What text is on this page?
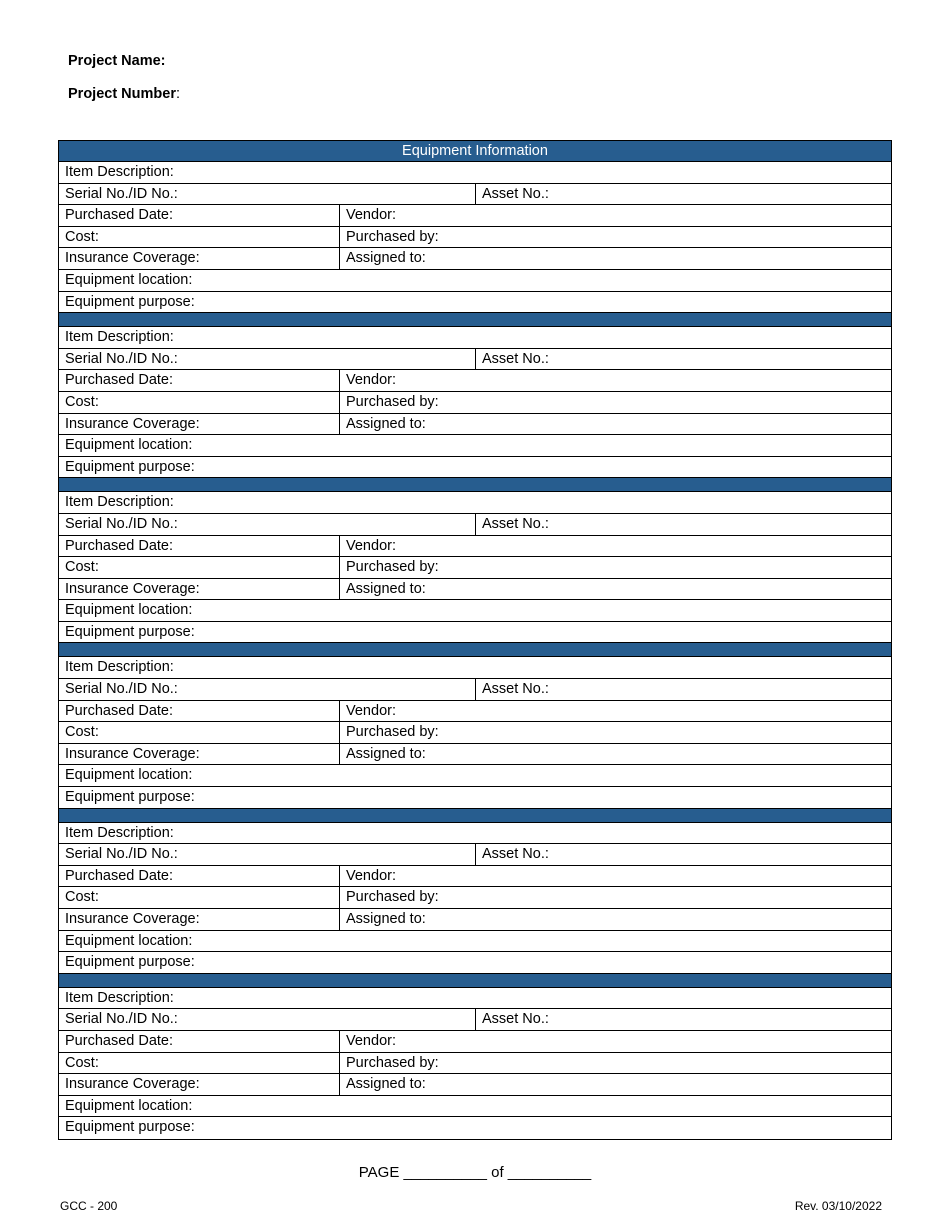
Project Name:
Project Number:
Equipment Information
Item Description:
Serial No./ID No.:	Asset No.:
Purchased Date:	Vendor:
Cost:	Purchased by:
Insurance Coverage:	Assigned to:
Equipment location:
Equipment purpose:
Item Description:
Serial No./ID No.:	Asset No.:
Purchased Date:	Vendor:
Cost:	Purchased by:
Insurance Coverage:	Assigned to:
Equipment location:
Equipment purpose:
Item Description:
Serial No./ID No.:	Asset No.:
Purchased Date:	Vendor:
Cost:	Purchased by:
Insurance Coverage:	Assigned to:
Equipment location:
Equipment purpose:
Item Description:
Serial No./ID No.:	Asset No.:
Purchased Date:	Vendor:
Cost:	Purchased by:
Insurance Coverage:	Assigned to:
Equipment location:
Equipment purpose:
Item Description:
Serial No./ID No.:	Asset No.:
Purchased Date:	Vendor:
Cost:	Purchased by:
Insurance Coverage:	Assigned to:
Equipment location:
Equipment purpose:
Item Description:
Serial No./ID No.:	Asset No.:
Purchased Date:	Vendor:
Cost:	Purchased by:
Insurance Coverage:	Assigned to:
Equipment location:
Equipment purpose:
PAGE __________ of __________
GCC - 200	Rev. 03/10/2022
